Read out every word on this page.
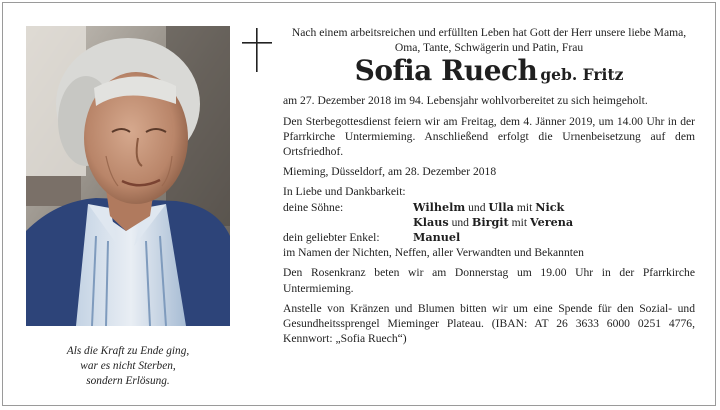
Als die Kraft zu Ende ging,
war es nicht Sterben,
sondern Erlösung.

Nach einem arbeitsreichen und erfüllten Leben hat Gott der Herr unsere liebe Mama, Oma, Tante, Schwägerin und Patin, Frau

Sofia Ruech geb. Fritz

am 27. Dezember 2018 im 94. Lebensjahr wohlvorbereitet zu sich heimgeholt.

Den Sterbegottesdienst feiern wir am Freitag, dem 4. Jänner 2019, um 14.00 Uhr in der Pfarrkirche Untermieming. Anschließend erfolgt die Urnenbeisetzung auf dem Ortsfriedhof.

Mieming, Düsseldorf, am 28. Dezember 2018

In Liebe und Dankbarkeit:

deine Söhne:	Wilhelm und Ulla mit Nick
Klaus und Birgit mit Verena
dein geliebter Enkel:	Manuel

im Namen der Nichten, Neffen, aller Verwandten und Bekannten

Den Rosenkranz beten wir am Donnerstag um 19.00 Uhr in der Pfarrkirche Untermieming.

Anstelle von Kränzen und Blumen bitten wir um eine Spende für den Sozial- und Gesundheitssprengel Mieminger Plateau. (IBAN: AT 26 3633 6000 0251 4776, Kennwort: „Sofia Ruech“)
